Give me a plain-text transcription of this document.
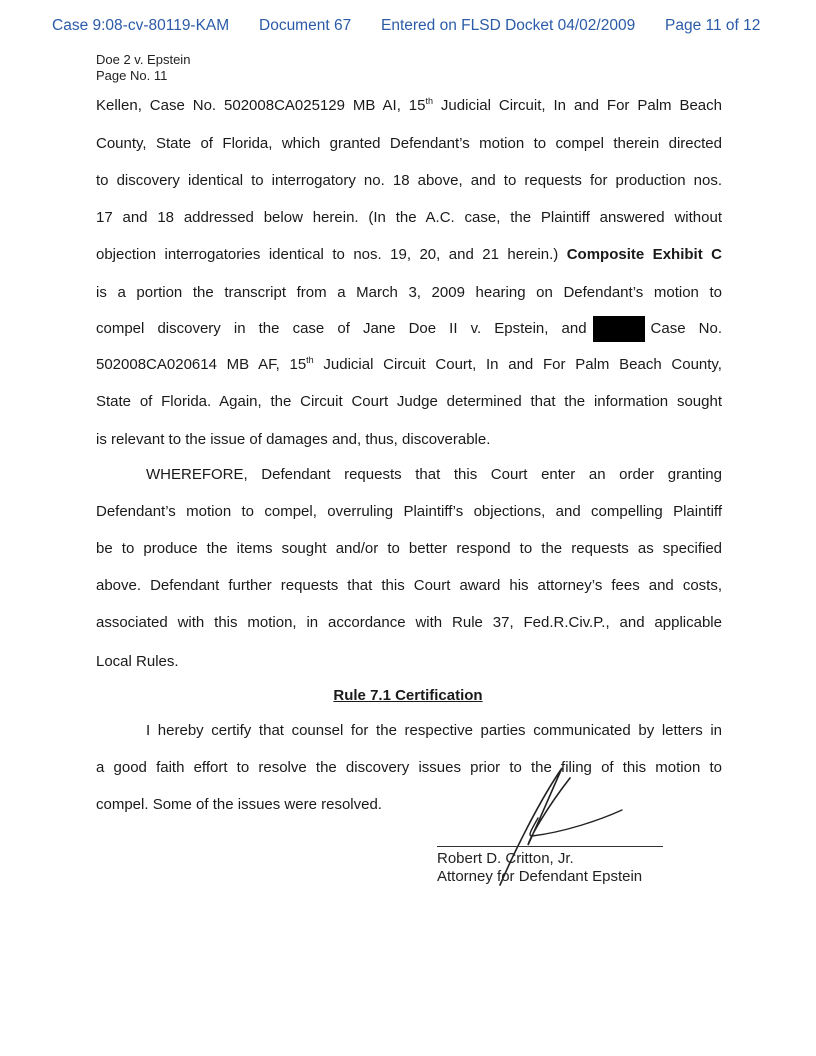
Case 9:08-cv-80119-KAM Document 67 Entered on FLSD Docket 04/02/2009 Page 11 of 12
Doe 2 v. Epstein
Page No. 11
Kellen, Case No. 502008CA025129 MB AI, 15th Judicial Circuit, In and For Palm Beach
County, State of Florida, which granted Defendant’s motion to compel therein directed
to discovery identical to interrogatory no. 18 above, and to requests for production nos.
17 and 18 addressed below herein. (In the A.C. case, the Plaintiff answered without
objection interrogatories identical to nos. 19, 20, and 21 herein.) Composite Exhibit C
is a portion the transcript from a March 3, 2009 hearing on Defendant’s motion to
compel discovery in the case of Jane Doe II v. Epstein, and	Case No.
502008CA020614 MB AF, 15th Judicial Circuit Court, In and For Palm Beach County,
State of Florida. Again, the Circuit Court Judge determined that the information sought
is relevant to the issue of damages and, thus, discoverable.
WHEREFORE, Defendant requests that this Court enter an order granting
Defendant’s motion to compel, overruling Plaintiff’s objections, and compelling Plaintiff
be to produce the items sought and/or to better respond to the requests as specified
above. Defendant further requests that this Court award his attorney’s fees and costs,
associated with this motion, in accordance with Rule 37, Fed.R.Civ.P., and applicable
Local Rules.
Rule 7.1 Certification
I hereby certify that counsel for the respective parties communicated by letters in
a good faith effort to resolve the discovery issues prior to the filing of this motion to
compel. Some of the issues were resolved.
Robert D. Critton, Jr.
Attorney for Defendant Epstein
